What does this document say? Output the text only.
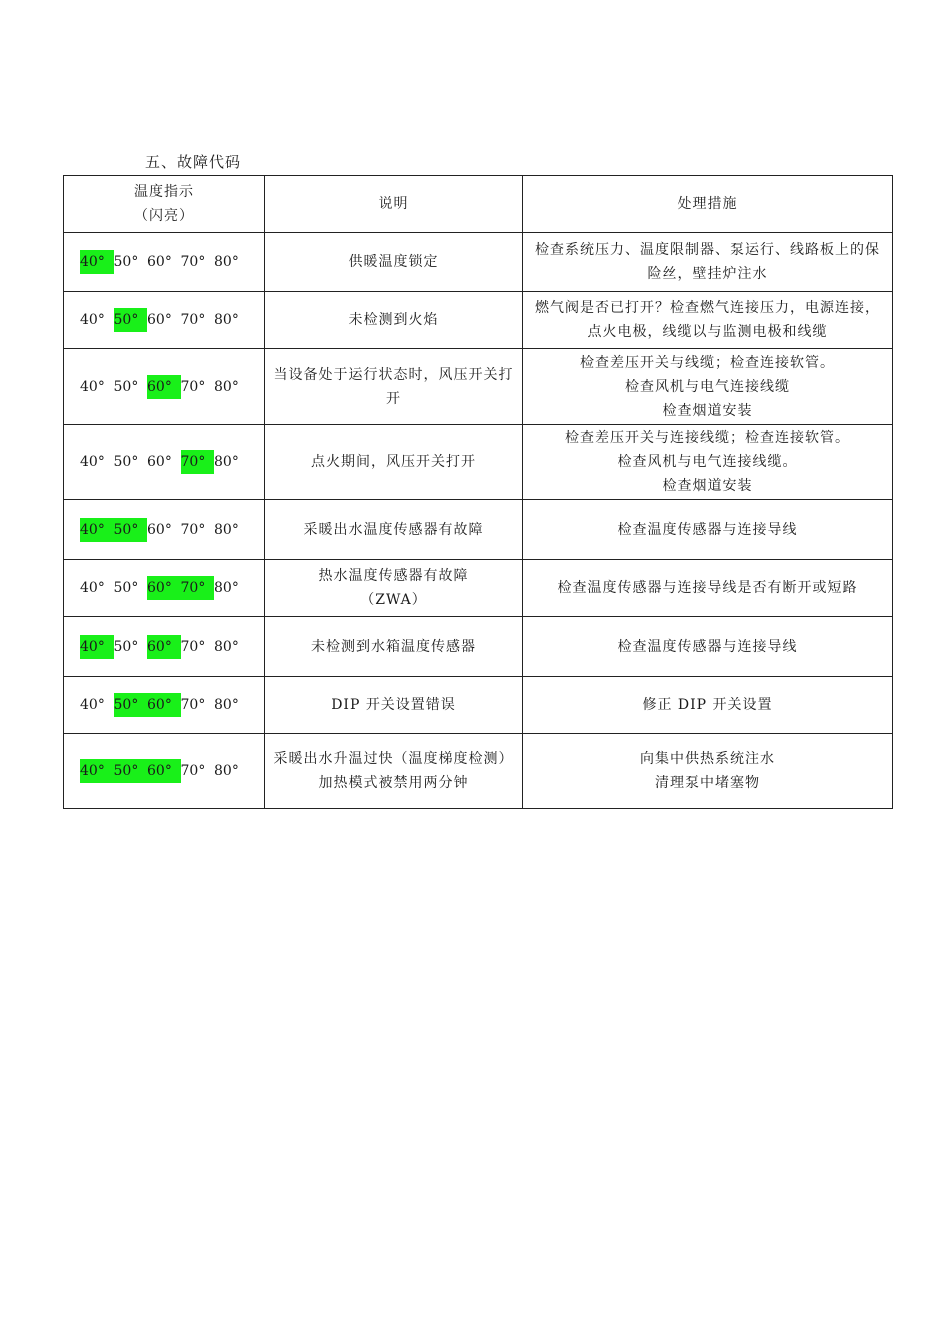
五、故障代码
温度指示
（闪亮）	说明	处理措施
40° 50° 60° 70° 80°	供暖温度锁定	检查系统压力、温度限制器、泵运行、线路板上的保险丝，壁挂炉注水

40° 50° 60° 70° 80°	未检测到火焰	燃气阀是否已打开？检查燃气连接压力，电源连接，点火电极，线缆以与监测电极和线缆

40° 50° 60° 70° 80°	当设备处于运行状态时，风压开关打开	检查差压开关与线缆；检查连接软管。
检查风机与电气连接线缆
检查烟道安装

40° 50° 60° 70° 80°	点火期间，风压开关打开	检查差压开关与连接线缆；检查连接软管。
检查风机与电气连接线缆。
检查烟道安装

40° 50° 60° 70° 80°	采暖出水温度传感器有故障	检查温度传感器与连接导线

40° 50° 60° 70° 80°	热水温度传感器有故障
（ZWA）	检查温度传感器与连接导线是否有断开或短路

40° 50° 60° 70° 80°	未检测到水箱温度传感器	检查温度传感器与连接导线

40° 50° 60° 70° 80°	DIP 开关设置错误	修正 DIP 开关设置

40° 50° 60° 70° 80°	采暖出水升温过快（温度梯度检测）
加热模式被禁用两分钟	向集中供热系统注水
清理泵中堵塞物
